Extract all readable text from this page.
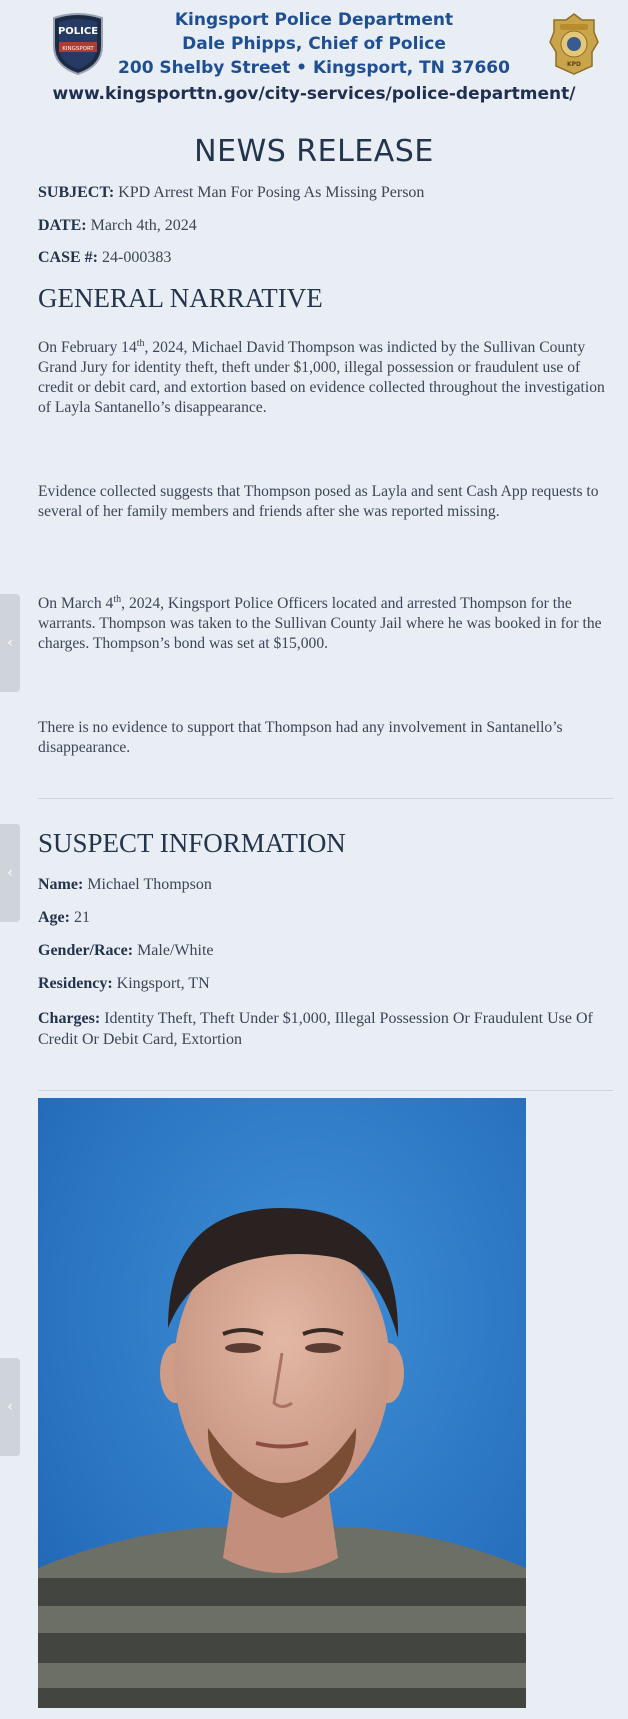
POLICE
KINGSPORT
Kingsport Police Department
Dale Phipps, Chief of Police
200 Shelby Street • Kingsport, TN 37660
www.kingsporttn.gov/city-services/police-department/
KPD
NEWS RELEASE
SUBJECT: KPD Arrest Man For Posing As Missing Person
DATE: March 4th, 2024
CASE #: 24-000383
GENERAL NARRATIVE
On February 14th, 2024, Michael David Thompson was indicted by the Sullivan County Grand Jury for identity theft, theft under $1,000, illegal possession or fraudulent use of credit or debit card, and extortion based on evidence collected throughout the investigation of Layla Santanello’s disappearance.
Evidence collected suggests that Thompson posed as Layla and sent Cash App requests to several of her family members and friends after she was reported missing.
On March 4th, 2024, Kingsport Police Officers located and arrested Thompson for the warrants. Thompson was taken to the Sullivan County Jail where he was booked in for the charges. Thompson’s bond was set at $15,000.
There is no evidence to support that Thompson had any involvement in Santanello’s disappearance.
SUSPECT INFORMATION
Name: Michael Thompson
Age: 21
Gender/Race: Male/White
Residency: Kingsport, TN
Charges: Identity Theft, Theft Under $1,000, Illegal Possession Or Fraudulent Use Of Credit Or Debit Card, Extortion
‹
‹
‹
